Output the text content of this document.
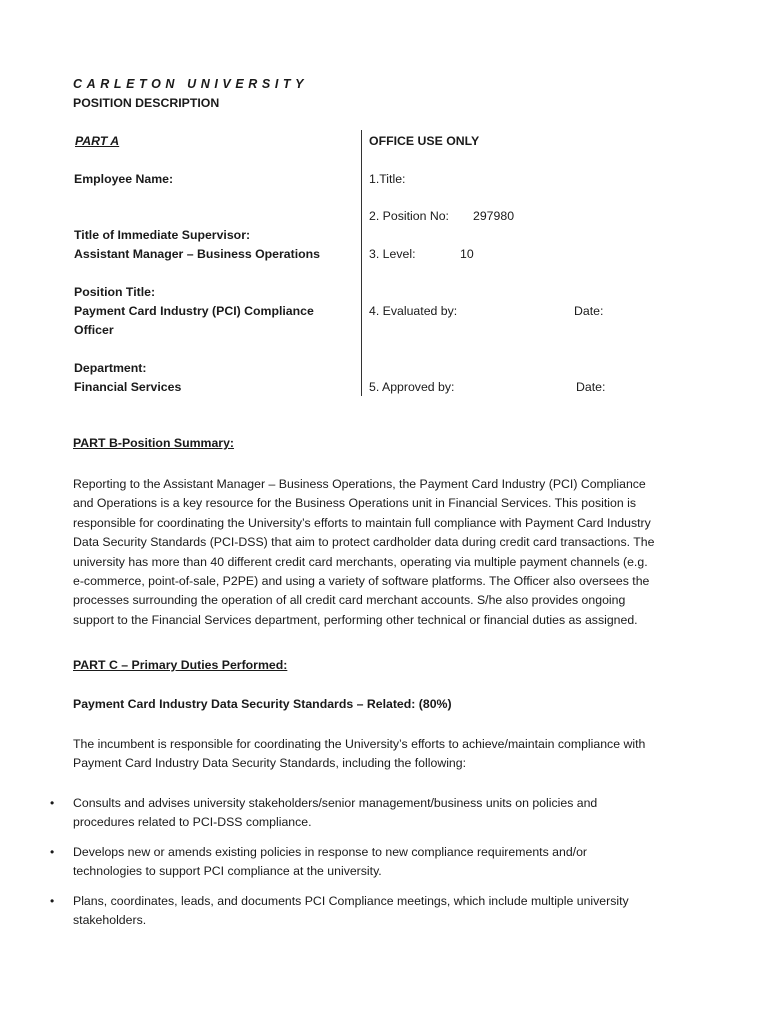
CARLETON UNIVERSITY
POSITION DESCRIPTION
PART A
Employee Name:
Title of Immediate Supervisor:
Assistant Manager – Business Operations
Position Title:
Payment Card Industry (PCI) Compliance
Officer
Department:
Financial Services
OFFICE USE ONLY
1.Title:
2. Position No: 297980
3. Level:	10
4. Evaluated by:	Date:
5. Approved by:	Date:
PART B-Position Summary:
Reporting to the Assistant Manager – Business Operations, the Payment Card Industry (PCI) Compliance
and Operations is a key resource for the Business Operations unit in Financial Services. This position is
responsible for coordinating the University’s efforts to maintain full compliance with Payment Card Industry
Data Security Standards (PCI-DSS) that aim to protect cardholder data during credit card transactions. The
university has more than 40 different credit card merchants, operating via multiple payment channels (e.g.
e-commerce, point-of-sale, P2PE) and using a variety of software platforms. The Officer also oversees the
processes surrounding the operation of all credit card merchant accounts. S/he also provides ongoing
support to the Financial Services department, performing other technical or financial duties as assigned.
PART C – Primary Duties Performed:
Payment Card Industry Data Security Standards – Related: (80%)
The incumbent is responsible for coordinating the University’s efforts to achieve/maintain compliance with
Payment Card Industry Data Security Standards, including the following:
• Consults and advises university stakeholders/senior management/business units on policies and
procedures related to PCI-DSS compliance.
• Develops new or amends existing policies in response to new compliance requirements and/or
technologies to support PCI compliance at the university.
• Plans, coordinates, leads, and documents PCI Compliance meetings, which include multiple university
stakeholders.
